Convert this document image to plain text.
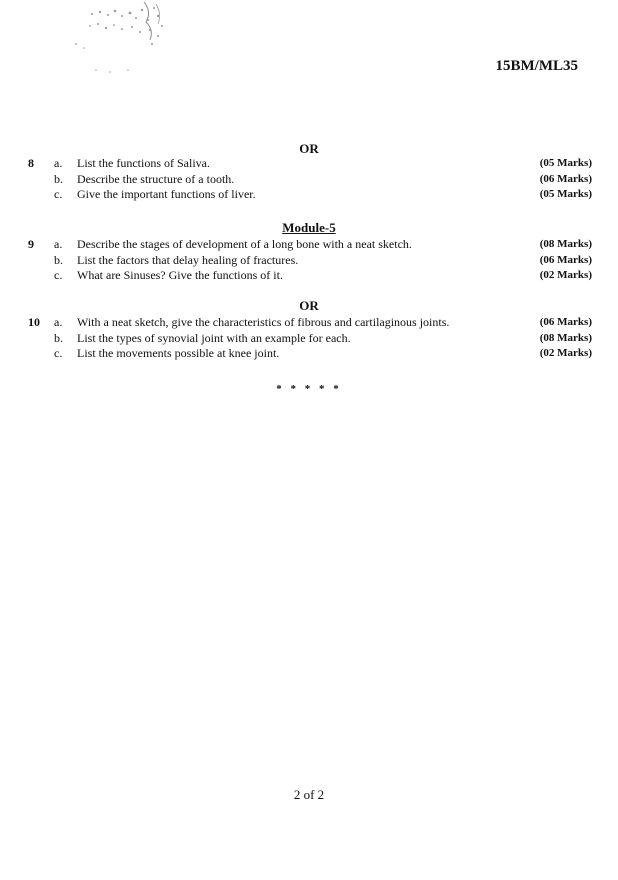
15BM/ML35
OR
8	a.	List the functions of Saliva.	(05 Marks)
b.	Describe the structure of a tooth.	(06 Marks)
c.	Give the important functions of liver.	(05 Marks)
Module-5
9	a.	Describe the stages of development of a long bone with a neat sketch.	(08 Marks)
b.	List the factors that delay healing of fractures.	(06 Marks)
c.	What are Sinuses? Give the functions of it.	(02 Marks)
OR
10	a.	With a neat sketch, give the characteristics of fibrous and cartilaginous joints.	(06 Marks)
b.	List the types of synovial joint with an example for each.	(08 Marks)
c.	List the movements possible at knee joint.	(02 Marks)
* * * * *
2 of 2
